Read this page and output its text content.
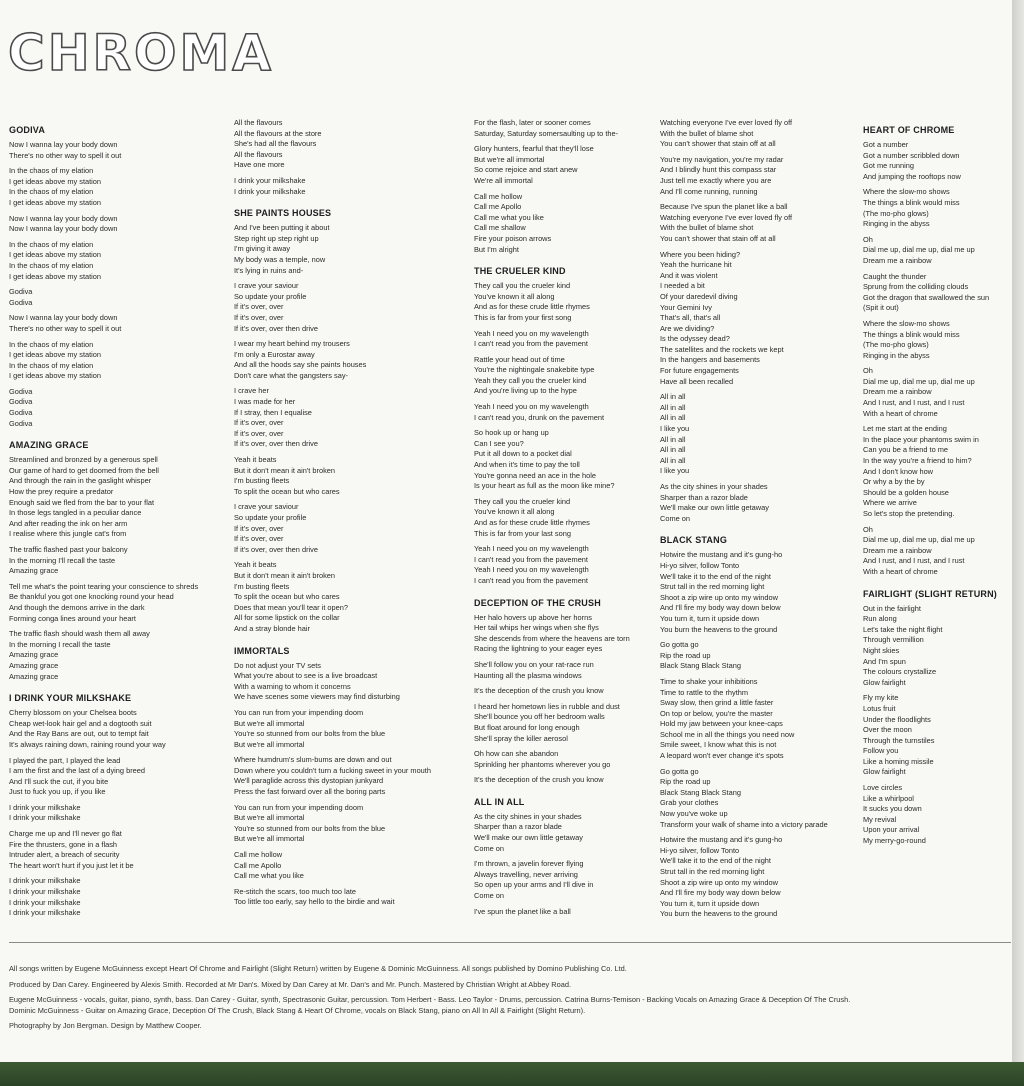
CHROMA
GODIVA
Now I wanna lay your body down
There's no other way to spell it out
In the chaos of my elation
I get ideas above my station
In the chaos of my elation
I get ideas above my station
Now I wanna lay your body down
Now I wanna lay your body down
In the chaos of my elation
I get ideas above my station
In the chaos of my elation
I get ideas above my station
Godiva
Godiva
Now I wanna lay your body down
There's no other way to spell it out
In the chaos of my elation
I get ideas above my station
In the chaos of my elation
I get ideas above my station
Godiva
Godiva
Godiva
Godiva
AMAZING GRACE
Streamlined and bronzed by a generous spell
Our game of hard to get doomed from the bell
And through the rain in the gaslight whisper
How the prey require a predator
Enough said we fled from the bar to your flat
In those legs tangled in a peculiar dance
And after reading the ink on her arm
I realise where this jungle cat's from
The traffic flashed past your balcony
In the morning I'll recall the taste
Amazing grace
Tell me what's the point tearing your conscience to shreds
Be thankful you got one knocking round your head
And though the demons arrive in the dark
Forming conga lines around your heart
The traffic flash should wash them all away
In the morning I recall the taste
Amazing grace
Amazing grace
Amazing grace
I DRINK YOUR MILKSHAKE
Cherry blossom on your Chelsea boots
Cheap wet-look hair gel and a dogtooth suit
And the Ray Bans are out, out to tempt fait
It's always raining down, raining round your way
I played the part, I played the lead
I am the first and the last of a dying breed
And I'll suck the cut, if you bite
Just to fuck you up, if you like
I drink your milkshake
I drink your milkshake
Charge me up and I'll never go flat
Fire the thrusters, gone in a flash
Intruder alert, a breach of security
The heart won't hurt if you just let it be
I drink your milkshake
I drink your milkshake
I drink your milkshake
I drink your milkshake
All the flavours
All the flavours at the store
She's had all the flavours
All the flavours
Have one more
I drink your milkshake
I drink your milkshake
SHE PAINTS HOUSES
And I've been putting it about
Step right up step right up
I'm giving it away
My body was a temple, now
It's lying in ruins and-
I crave your saviour
So update your profile
If it's over, over
If it's over, over
If it's over, over then drive
I wear my heart behind my trousers
I'm only a Eurostar away
And all the hoods say she paints houses
Don't care what the gangsters say-
I crave her
I was made for her
If I stray, then I equalise
If it's over, over
If it's over, over
If it's over, over then drive
Yeah it beats
But it don't mean it ain't broken
I'm busting fleets
To split the ocean but who cares
I crave your saviour
So update your profile
If it's over, over
If it's over, over
If it's over, over then drive
Yeah it beats
But it don't mean it ain't broken
I'm busting fleets
To split the ocean but who cares
Does that mean you'll tear it open?
All for some lipstick on the collar
And a stray blonde hair
IMMORTALS
Do not adjust your TV sets
What you're about to see is a live broadcast
With a warning to whom it concerns
We have scenes some viewers may find disturbing
You can run from your impending doom
But we're all immortal
You're so stunned from our bolts from the blue
But we're all immortal
Where humdrum's slum-bums are down and out
Down where you couldn't turn a fucking sweet in your mouth
We'll paraglide across this dystopian junkyard
Press the fast forward over all the boring parts
You can run from your impending doom
But we're all immortal
You're so stunned from our bolts from the blue
But we're all immortal
Call me hollow
Call me Apollo
Call me what you like
Re-stitch the scars, too much too late
Too little too early, say hello to the birdie and wait
For the flash, later or sooner comes
Saturday, Saturday somersaulting up to the-
Glory hunters, fearful that they'll lose
But we're all immortal
So come rejoice and start anew
We're all immortal
Call me hollow
Call me Apollo
Call me what you like
Call me shallow
Fire your poison arrows
But I'm alright
THE CRUELER KIND
They call you the crueler kind
You've known it all along
And as for these crude little rhymes
This is far from your first song
Yeah I need you on my wavelength
I can't read you from the pavement
Rattle your head out of time
You're the nightingale snakebite type
Yeah they call you the crueler kind
And you're living up to the hype
Yeah I need you on my wavelength
I can't read you, drunk on the pavement
So hook up or hang up
Can I see you?
Put it all down to a pocket dial
And when it's time to pay the toll
You're gonna need an ace in the hole
Is your heart as full as the moon like mine?
They call you the crueler kind
You've known it all along
And as for these crude little rhymes
This is far from your last song
Yeah I need you on my wavelength
I can't read you from the pavement
Yeah I need you on my wavelength
I can't read you from the pavement
DECEPTION OF THE CRUSH
Her halo hovers up above her horns
Her tail whips her wings when she flys
She descends from where the heavens are torn
Racing the lightning to your eager eyes
She'll follow you on your rat-race run
Haunting all the plasma windows
It's the deception of the crush you know
I heard her hometown lies in rubble and dust
She'll bounce you off her bedroom walls
But float around for long enough
She'll spray the killer aerosol
Oh how can she abandon
Sprinkling her phantoms wherever you go
It's the deception of the crush you know
ALL IN ALL
As the city shines in your shades
Sharper than a razor blade
We'll make our own little getaway
Come on
I'm thrown, a javelin forever flying
Always travelling, never arriving
So open up your arms and I'll dive in
Come on
I've spun the planet like a ball
Watching everyone I've ever loved fly off
With the bullet of blame shot
You can't shower that stain off at all
You're my navigation, you're my radar
And I blindly hunt this compass star
Just tell me exactly where you are
And I'll come running, running
Because I've spun the planet like a ball
Watching everyone I've ever loved fly off
With the bullet of blame shot
You can't shower that stain off at all
Where you been hiding?
Yeah the hurricane hit
And it was violent
I needed a bit
Of your daredevil diving
Your Gemini Ivy
That's all, that's all
Are we dividing?
Is the odyssey dead?
The satellites and the rockets we kept
In the hangers and basements
For future engagements
Have all been recalled
All in all
All in all
All in all
I like you
All in all
All in all
All in all
I like you
As the city shines in your shades
Sharper than a razor blade
We'll make our own little getaway
Come on
BLACK STANG
Hotwire the mustang and it's gung-ho
Hi-yo silver, follow Tonto
We'll take it to the end of the night
Strut tall in the red morning light
Shoot a zip wire up onto my window
And I'll fire my body way down below
You turn it, turn it upside down
You burn the heavens to the ground
Go gotta go
Rip the road up
Black Stang Black Stang
Time to shake your inhibitions
Time to rattle to the rhythm
Sway slow, then grind a little faster
On top or below, you're the master
Hold my jaw between your knee-caps
School me in all the things you need now
Smile sweet, I know what this is not
A leopard won't ever change it's spots
Go gotta go
Rip the road up
Black Stang Black Stang
Grab your clothes
Now you've woke up
Transform your walk of shame into a victory parade
Hotwire the mustang and it's gung-ho
Hi-yo silver, follow Tonto
We'll take it to the end of the night
Strut tall in the red morning light
Shoot a zip wire up onto my window
And I'll fire my body way down below
You turn it, turn it upside down
You burn the heavens to the ground
HEART OF CHROME
Got a number
Got a number scribbled down
Got me running
And jumping the rooftops now
Where the slow-mo shows
The things a blink would miss
(The mo-pho glows)
Ringing in the abyss
Oh
Dial me up, dial me up, dial me up
Dream me a rainbow
Caught the thunder
Sprung from the colliding clouds
Got the dragon that swallowed the sun
(Spit it out)
Where the slow-mo shows
The things a blink would miss
(The mo-pho glows)
Ringing in the abyss
Oh
Dial me up, dial me up, dial me up
Dream me a rainbow
And I rust, and I rust, and I rust
With a heart of chrome
Let me start at the ending
In the place your phantoms swim in
Can you be a friend to me
In the way you're a friend to him?
And I don't know how
Or why a by the by
Should be a golden house
Where we arrive
So let's stop the pretending.
Oh
Dial me up, dial me up, dial me up
Dream me a rainbow
And I rust, and I rust, and I rust
With a heart of chrome
FAIRLIGHT (SLIGHT RETURN)
Out in the fairlight
Run along
Let's take the night flight
Through vermillion
Night skies
And I'm spun
The colours crystallize
Glow fairlight
Fly my kite
Lotus fruit
Under the floodlights
Over the moon
Through the turnstiles
Follow you
Like a homing missile
Glow fairlight
Love circles
Like a whirlpool
It sucks you down
My revival
Upon your arrival
My merry-go-round
All songs written by Eugene McGuinness except Heart Of Chrome and Fairlight (Slight Return) written by Eugene & Dominic McGuinness. All songs published by Domino Publishing Co. Ltd.
Produced by Dan Carey. Engineered by Alexis Smith. Recorded at Mr Dan's. Mixed by Dan Carey at Mr. Dan's and Mr. Punch. Mastered by Christian Wright at Abbey Road.
Eugene McGuinness - vocals, guitar, piano, synth, bass. Dan Carey - Guitar, synth, Spectrasonic Guitar, percussion. Tom Herbert - Bass. Leo Taylor - Drums, percussion. Catrina Burns-Temison - Backing Vocals on Amazing Grace & Deception Of The Crush.
Dominic McGuinness - Guitar on Amazing Grace, Deception Of The Crush, Black Stang & Heart Of Chrome, vocals on Black Stang, piano on All In All & Fairlight (Slight Return).
Photography by Jon Bergman. Design by Matthew Cooper.
